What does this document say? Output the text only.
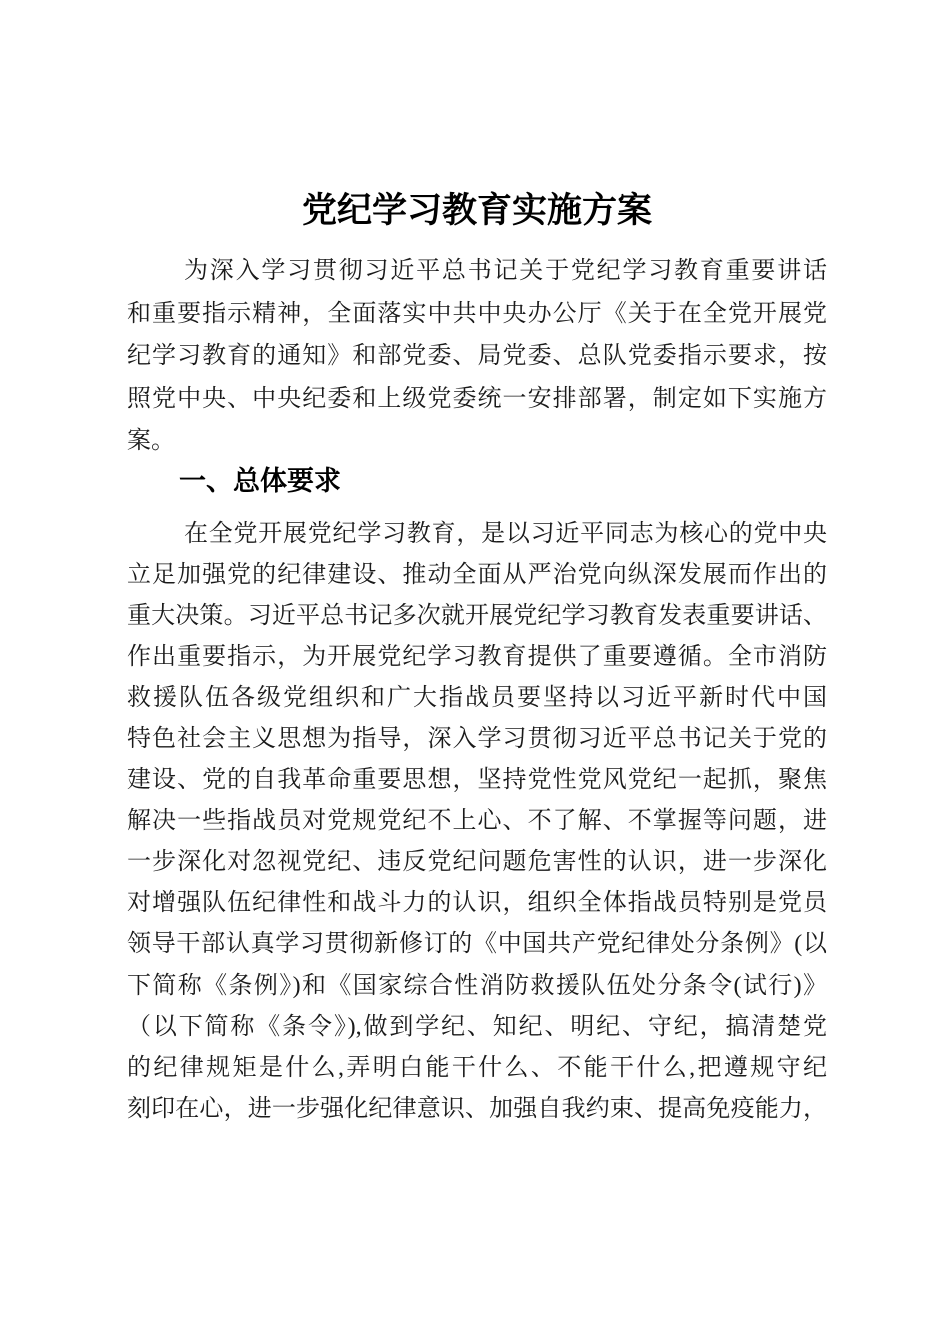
党纪学习教育实施方案
为深入学习贯彻习近平总书记关于党纪学习教育重要讲话
和重要指示精神，全面落实中共中央办公厅《关于在全党开展党
纪学习教育的通知》和部党委、局党委、总队党委指示要求，按
照党中央、中央纪委和上级党委统一安排部署，制定如下实施方
案。
一、总体要求
在全党开展党纪学习教育，是以习近平同志为核心的党中央
立足加强党的纪律建设、推动全面从严治党向纵深发展而作出的
重大决策。习近平总书记多次就开展党纪学习教育发表重要讲话、
作出重要指示，为开展党纪学习教育提供了重要遵循。全市消防
救援队伍各级党组织和广大指战员要坚持以习近平新时代中国
特色社会主义思想为指导，深入学习贯彻习近平总书记关于党的
建设、党的自我革命重要思想，坚持党性党风党纪一起抓，聚焦
解决一些指战员对党规党纪不上心、不了解、不掌握等问题，进
一步深化对忽视党纪、违反党纪问题危害性的认识，进一步深化
对增强队伍纪律性和战斗力的认识，组织全体指战员特别是党员
领导干部认真学习贯彻新修订的《中国共产党纪律处分条例》(以
下简称《条例》)和《国家综合性消防救援队伍处分条令(试行)》
（以下简称《条令》),做到学纪、知纪、明纪、守纪，搞清楚党
的纪律规矩是什么,弄明白能干什么、不能干什么,把遵规守纪
刻印在心，进一步强化纪律意识、加强自我约束、提高免疫能力，
